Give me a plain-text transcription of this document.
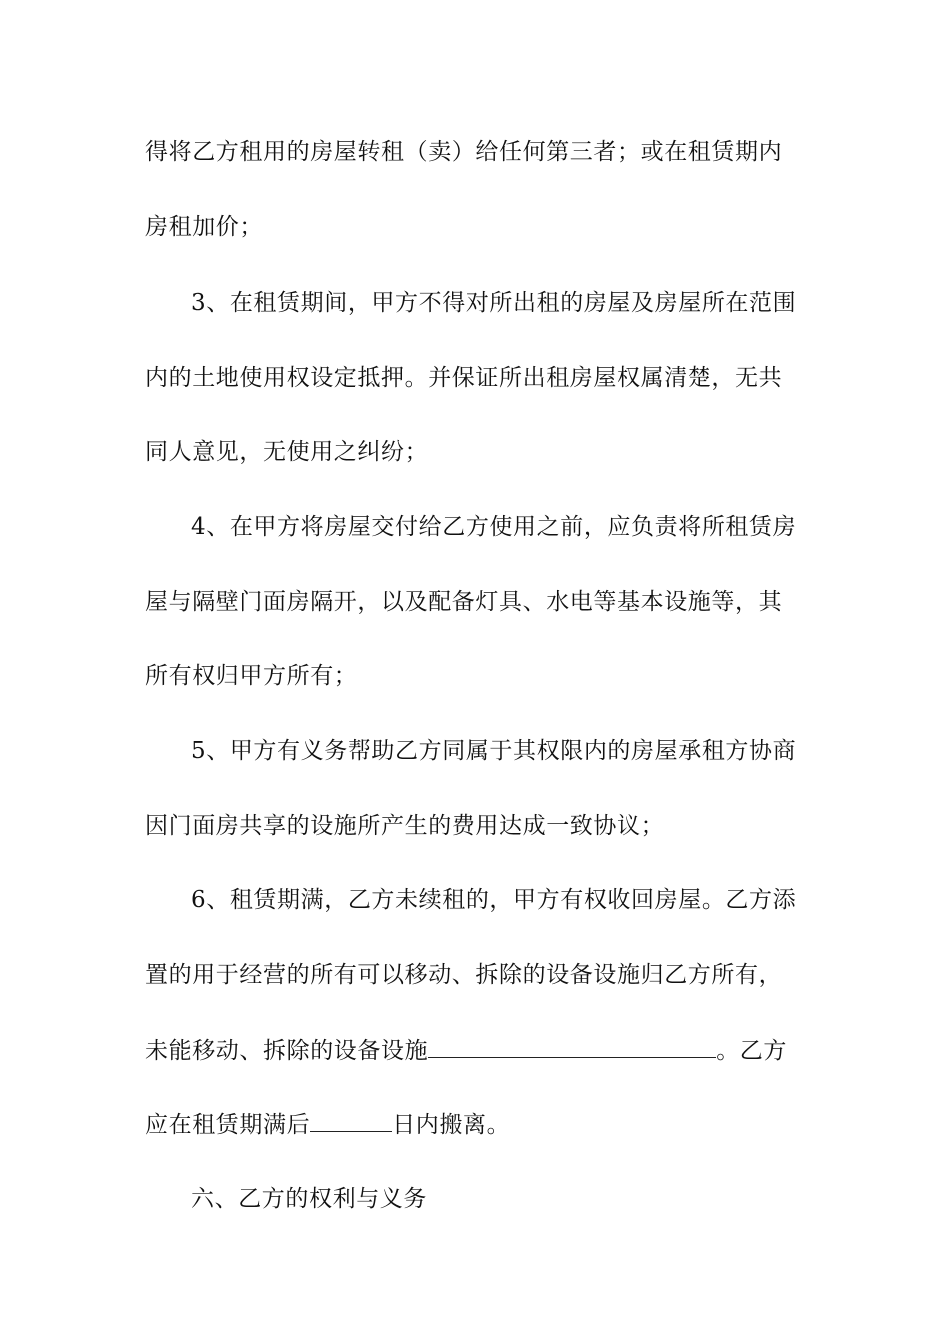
得将乙方租用的房屋转租（卖）给任何第三者；或在租赁期内
房租加价；
3、在租赁期间，甲方不得对所出租的房屋及房屋所在范围
内的土地使用权设定抵押。并保证所出租房屋权属清楚，无共
同人意见，无使用之纠纷；
4、在甲方将房屋交付给乙方使用之前，应负责将所租赁房
屋与隔壁门面房隔开，以及配备灯具、水电等基本设施等，其
所有权归甲方所有；
5、甲方有义务帮助乙方同属于其权限内的房屋承租方协商
因门面房共享的设施所产生的费用达成一致协议；
6、租赁期满，乙方未续租的，甲方有权收回房屋。乙方添
置的用于经营的所有可以移动、拆除的设备设施归乙方所有，
未能移动、拆除的设备设施	。乙方
应在租赁期满后	日内搬离。
六、乙方的权利与义务
